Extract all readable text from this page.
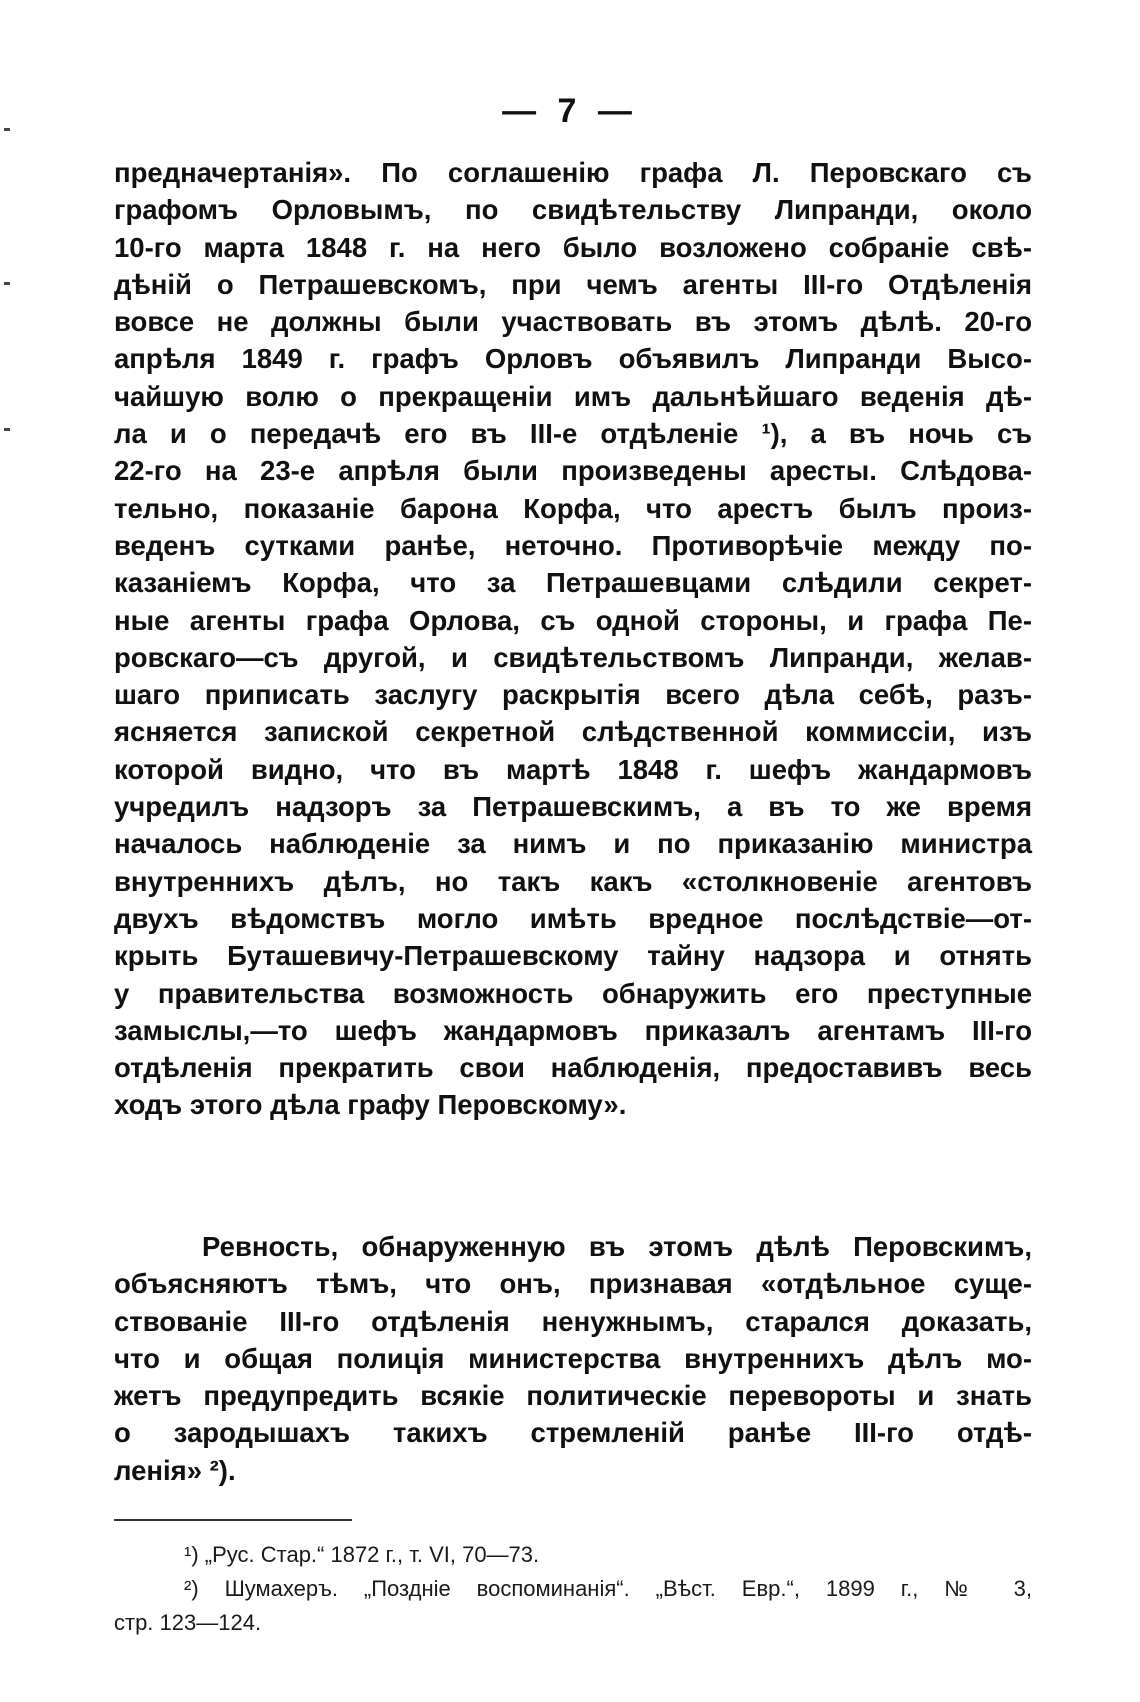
— 7 —
предначертанія». По соглашенію графа Л. Перовскаго съ
графомъ Орловымъ, по свидѣтельству Липранди, около
10-го марта 1848 г. на него было возложено собраніе свѣ-
дѣній о Петрашевскомъ, при чемъ агенты III-го Отдѣленія
вовсе не должны были участвовать въ этомъ дѣлѣ. 20-го
апрѣля 1849 г. графъ Орловъ объявилъ Липранди Высо-
чайшую волю о прекращеніи имъ дальнѣйшаго веденія дѣ-
ла и о передачѣ его въ III-е отдѣленіе ¹), а въ ночь съ
22-го на 23-е апрѣля были произведены аресты. Слѣдова-
тельно, показаніе барона Корфа, что арестъ былъ произ-
веденъ сутками ранѣе, неточно. Противорѣчіе между по-
казаніемъ Корфа, что за Петрашевцами слѣдили секрет-
ные агенты графа Орлова, съ одной стороны, и графа Пе-
ровскаго—съ другой, и свидѣтельствомъ Липранди, желав-
шаго приписать заслугу раскрытія всего дѣла себѣ, разъ-
ясняется запиской секретной слѣдственной коммиссіи, изъ
которой видно, что въ мартѣ 1848 г. шефъ жандармовъ
учредилъ надзоръ за Петрашевскимъ, а въ то же время
началось наблюденіе за нимъ и по приказанію министра
внутреннихъ дѣлъ, но такъ какъ «столкновеніе агентовъ
двухъ вѣдомствъ могло имѣть вредное послѣдствіе—от-
крыть Буташевичу-Петрашевскому тайну надзора и отнять
у правительства возможность обнаружить его преступные
замыслы,—то шефъ жандармовъ приказалъ агентамъ III-го
отдѣленія прекратить свои наблюденія, предоставивъ весь
ходъ этого дѣла графу Перовскому».
Ревность, обнаруженную въ этомъ дѣлѣ Перовскимъ,
объясняютъ тѣмъ, что онъ, признавая «отдѣльное суще-
ствованіе III-го отдѣленія ненужнымъ, старался доказать,
что и общая полиція министерства внутреннихъ дѣлъ мо-
жетъ предупредить всякіе политическіе перевороты и знать
о зародышахъ такихъ стремленій ранѣе III-го отдѣ-
ленія» ²).
¹) „Рус. Стар.“ 1872 г., т. VI, 70—73.
²) Шумахеръ. „Поздніе воспоминанія“. „Вѣст. Евр.“, 1899 г., № 3,
стр. 123—124.
